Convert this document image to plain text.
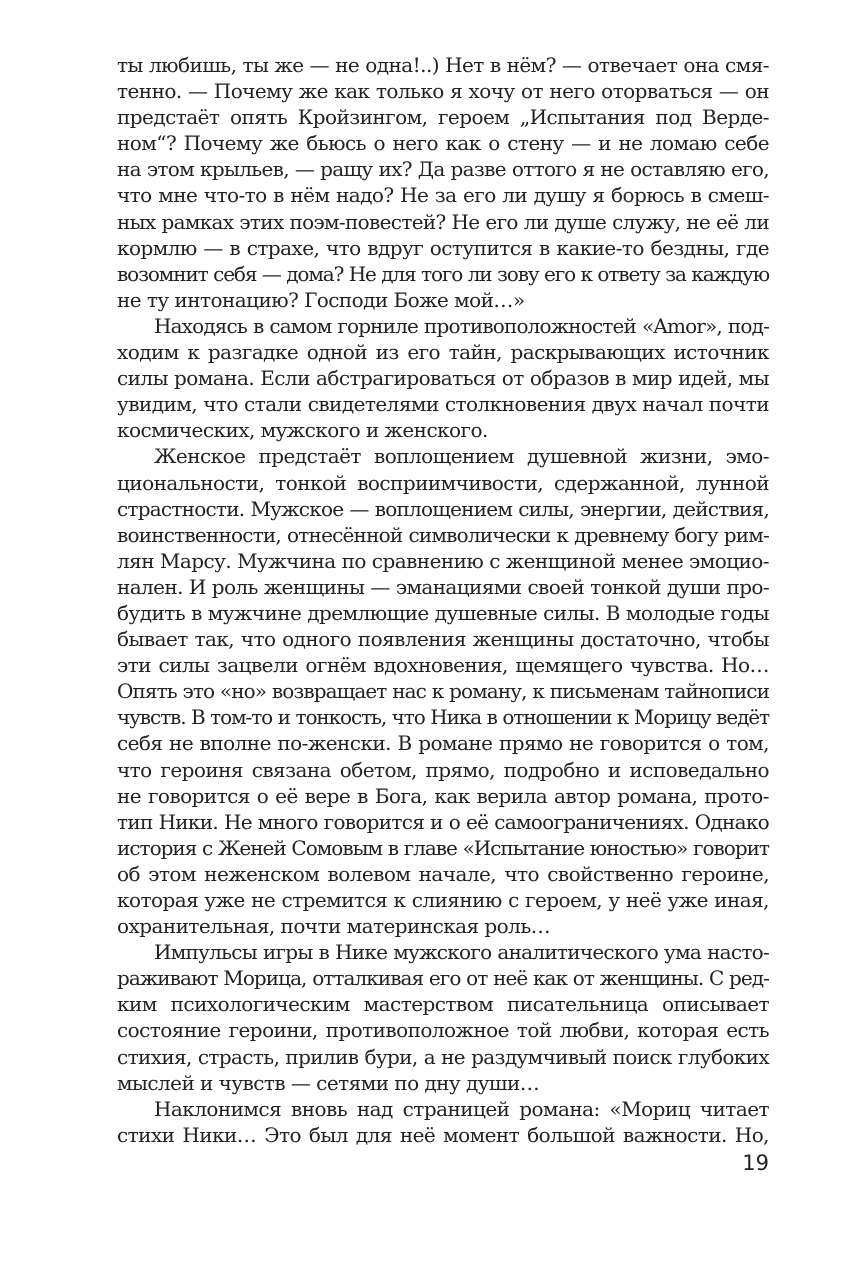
ты любишь, ты же — не одна!..) Нет в нём? — отвечает она смя-
тенно. — Почему же как только я хочу от него оторваться — он
предстаёт опять Кройзингом, героем „Испытания под Верде-
ном“? Почему же бьюсь о него как о стену — и не ломаю себе
на этом крыльев, — ращу их? Да разве оттого я не оставляю его,
что мне что-то в нём надо? Не за его ли душу я борюсь в смеш-
ных рамках этих поэм-повестей? Не его ли душе служу, не её ли
кормлю — в страхе, что вдруг оступится в какие-то бездны, где
возомнит себя — дома? Не для того ли зову его к ответу за каждую
не ту интонацию? Господи Боже мой…»
Находясь в самом горниле противоположностей «Amor», под-
ходим к разгадке одной из его тайн, раскрывающих источник
силы романа. Если абстрагироваться от образов в мир идей, мы
увидим, что стали свидетелями столкновения двух начал почти
космических, мужского и женского.
Женское предстаёт воплощением душевной жизни, эмо-
циональности, тонкой восприимчивости, сдержанной, лунной
страстности. Мужское — воплощением силы, энергии, действия,
воинственности, отнесённой символически к древнему богу рим-
лян Марсу. Мужчина по сравнению с женщиной менее эмоцио-
нален. И роль женщины — эманациями своей тонкой души про-
будить в мужчине дремлющие душевные силы. В молодые годы
бывает так, что одного появления женщины достаточно, чтобы
эти силы зацвели огнём вдохновения, щемящего чувства. Но…
Опять это «но» возвращает нас к роману, к письменам тайнописи
чувств. В том-то и тонкость, что Ника в отношении к Морицу ведёт
себя не вполне по-женски. В романе прямо не говорится о том,
что героиня связана обетом, прямо, подробно и исповедально
не говорится о её вере в Бога, как верила автор романа, прото-
тип Ники. Не много говорится и о её самоограничениях. Однако
история с Женей Сомовым в главе «Испытание юностью» говорит
об этом неженском волевом начале, что свойственно героине,
которая уже не стремится к слиянию с героем, у неё уже иная,
охранительная, почти материнская роль…
Импульсы игры в Нике мужского аналитического ума насто-
раживают Морица, отталкивая его от неё как от женщины. С ред-
ким психологическим мастерством писательница описывает
состояние героини, противоположное той любви, которая есть
стихия, страсть, прилив бури, а не раздумчивый поиск глубоких
мыслей и чувств — сетями по дну души…
Наклонимся вновь над страницей романа: «Мориц читает
стихи Ники… Это был для неё момент большой важности. Но,
19
